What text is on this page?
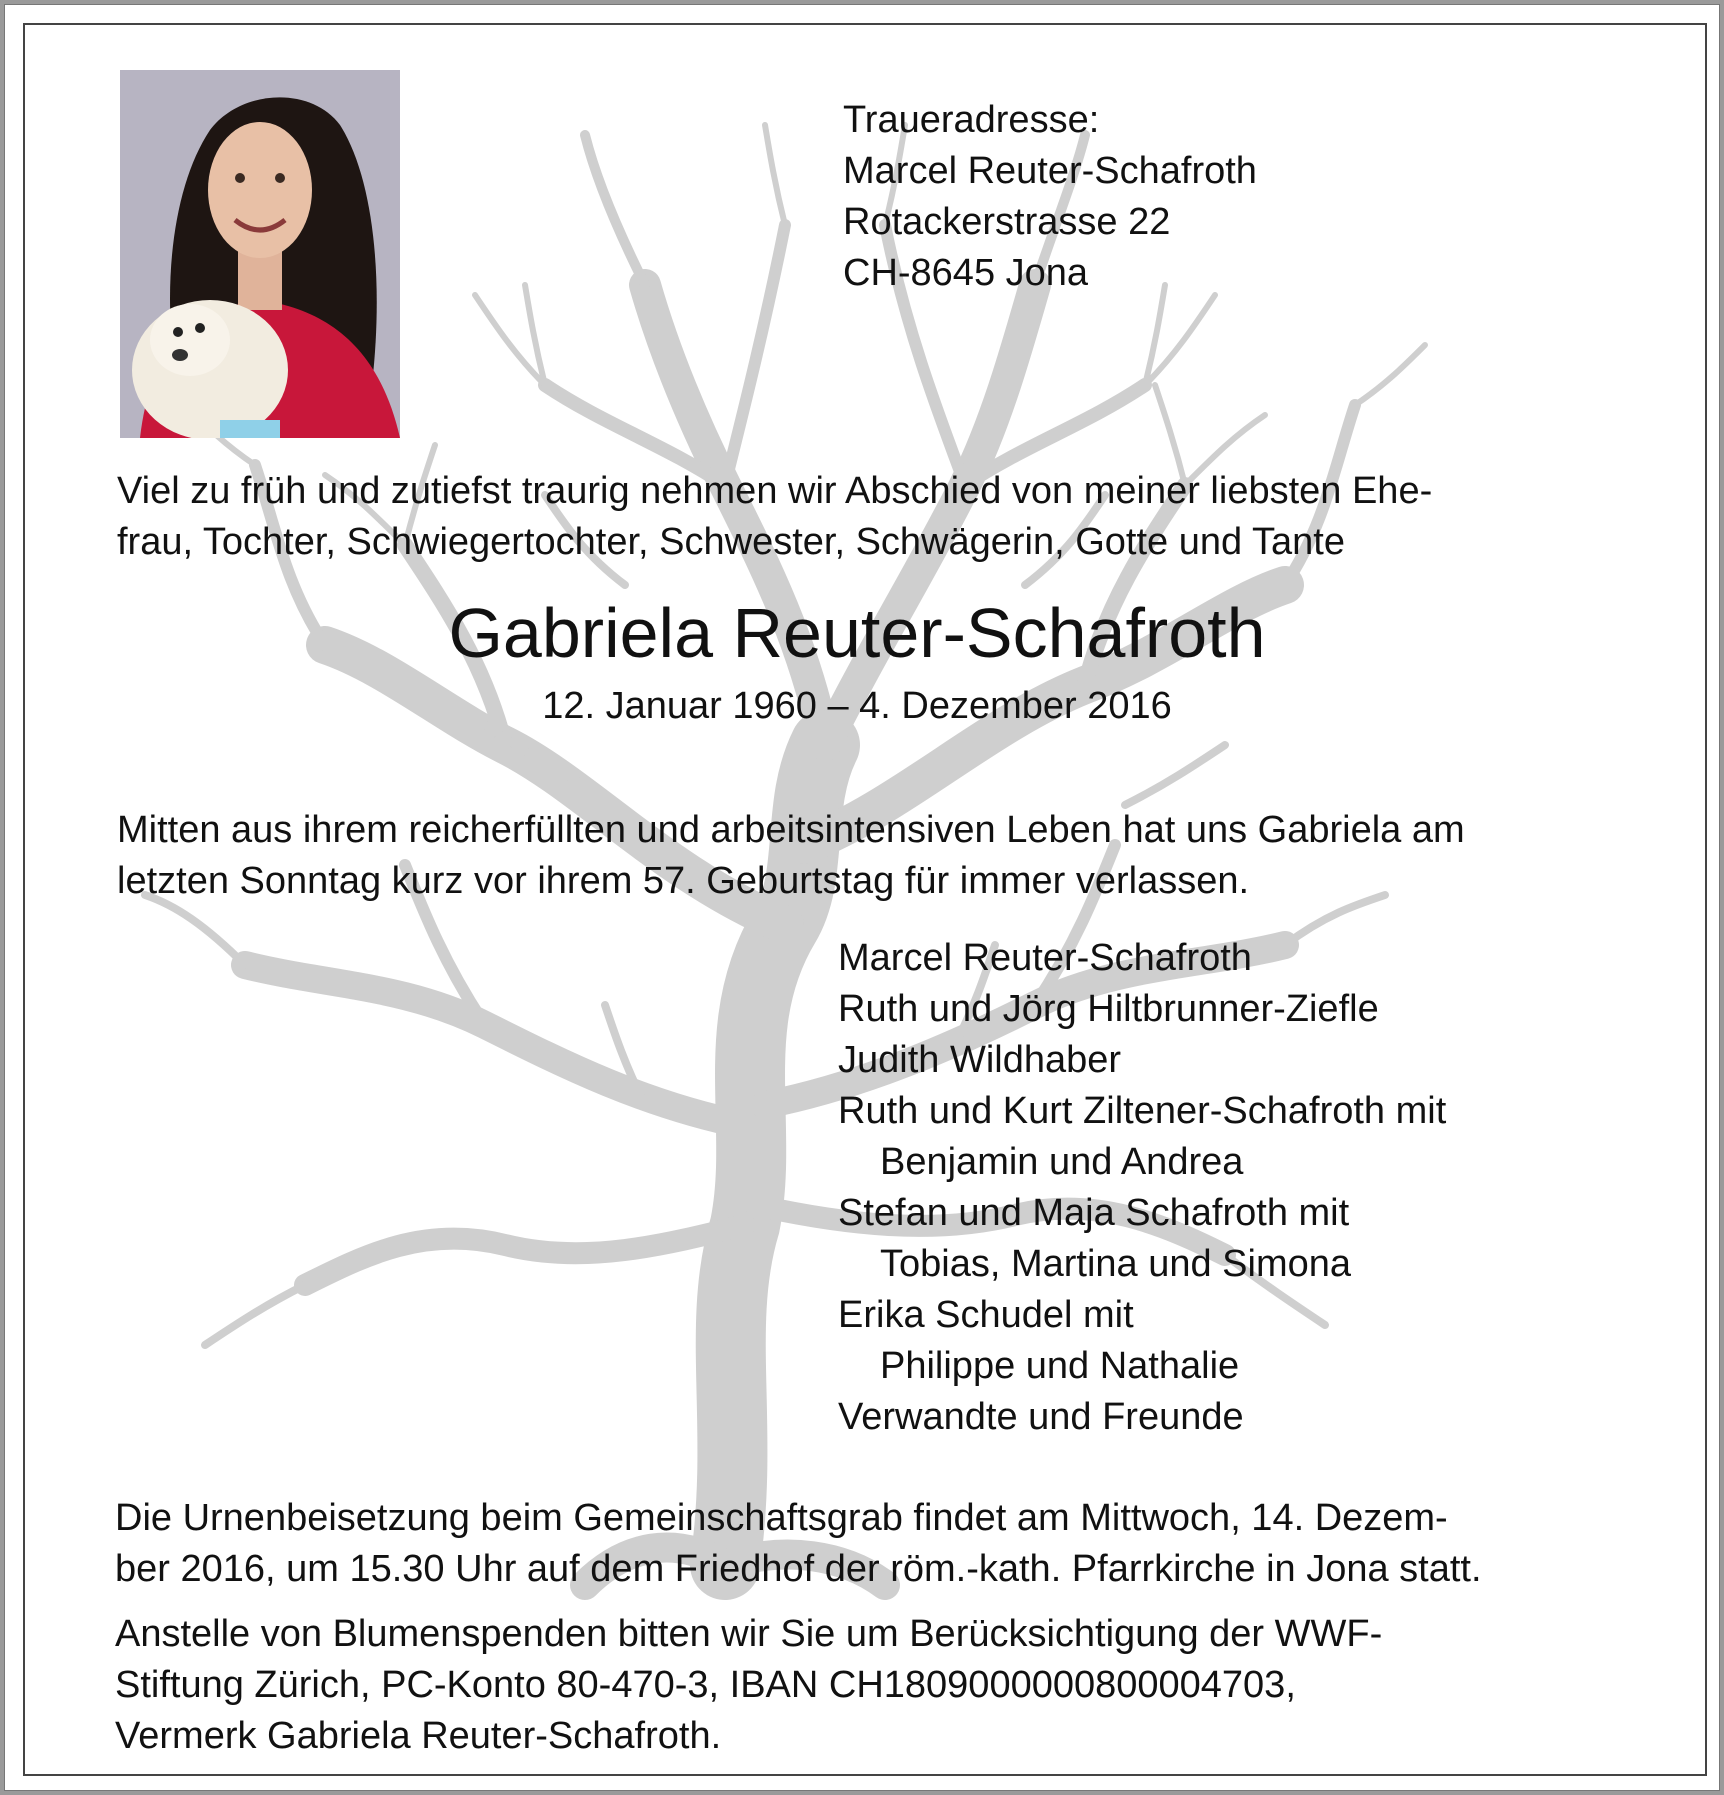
Traueradresse:
Marcel Reuter-Schafroth
Rotackerstrasse 22
CH-8645 Jona
Viel zu früh und zutiefst traurig nehmen wir Abschied von meiner liebsten Ehe-
frau, Tochter, Schwiegertochter, Schwester, Schwägerin, Gotte und Tante
Gabriela Reuter-Schafroth
12. Januar 1960 – 4. Dezember 2016
Mitten aus ihrem reicherfüllten und arbeitsintensiven Leben hat uns Gabriela am
letzten Sonntag kurz vor ihrem 57. Geburtstag für immer verlassen.
Marcel Reuter-Schafroth
Ruth und Jörg Hiltbrunner-Ziefle
Judith Wildhaber
Ruth und Kurt Ziltener-Schafroth mit
Benjamin und Andrea
Stefan und Maja Schafroth mit
Tobias, Martina und Simona
Erika Schudel mit
Philippe und Nathalie
Verwandte und Freunde
Die Urnenbeisetzung beim Gemeinschaftsgrab findet am Mittwoch, 14. Dezem-
ber 2016, um 15.30 Uhr auf dem Friedhof der röm.-kath. Pfarrkirche in Jona statt.
Anstelle von Blumenspenden bitten wir Sie um Berücksichtigung der WWF-
Stiftung Zürich, PC-Konto 80-470-3, IBAN CH1809000000800004703,
Vermerk Gabriela Reuter-Schafroth.
